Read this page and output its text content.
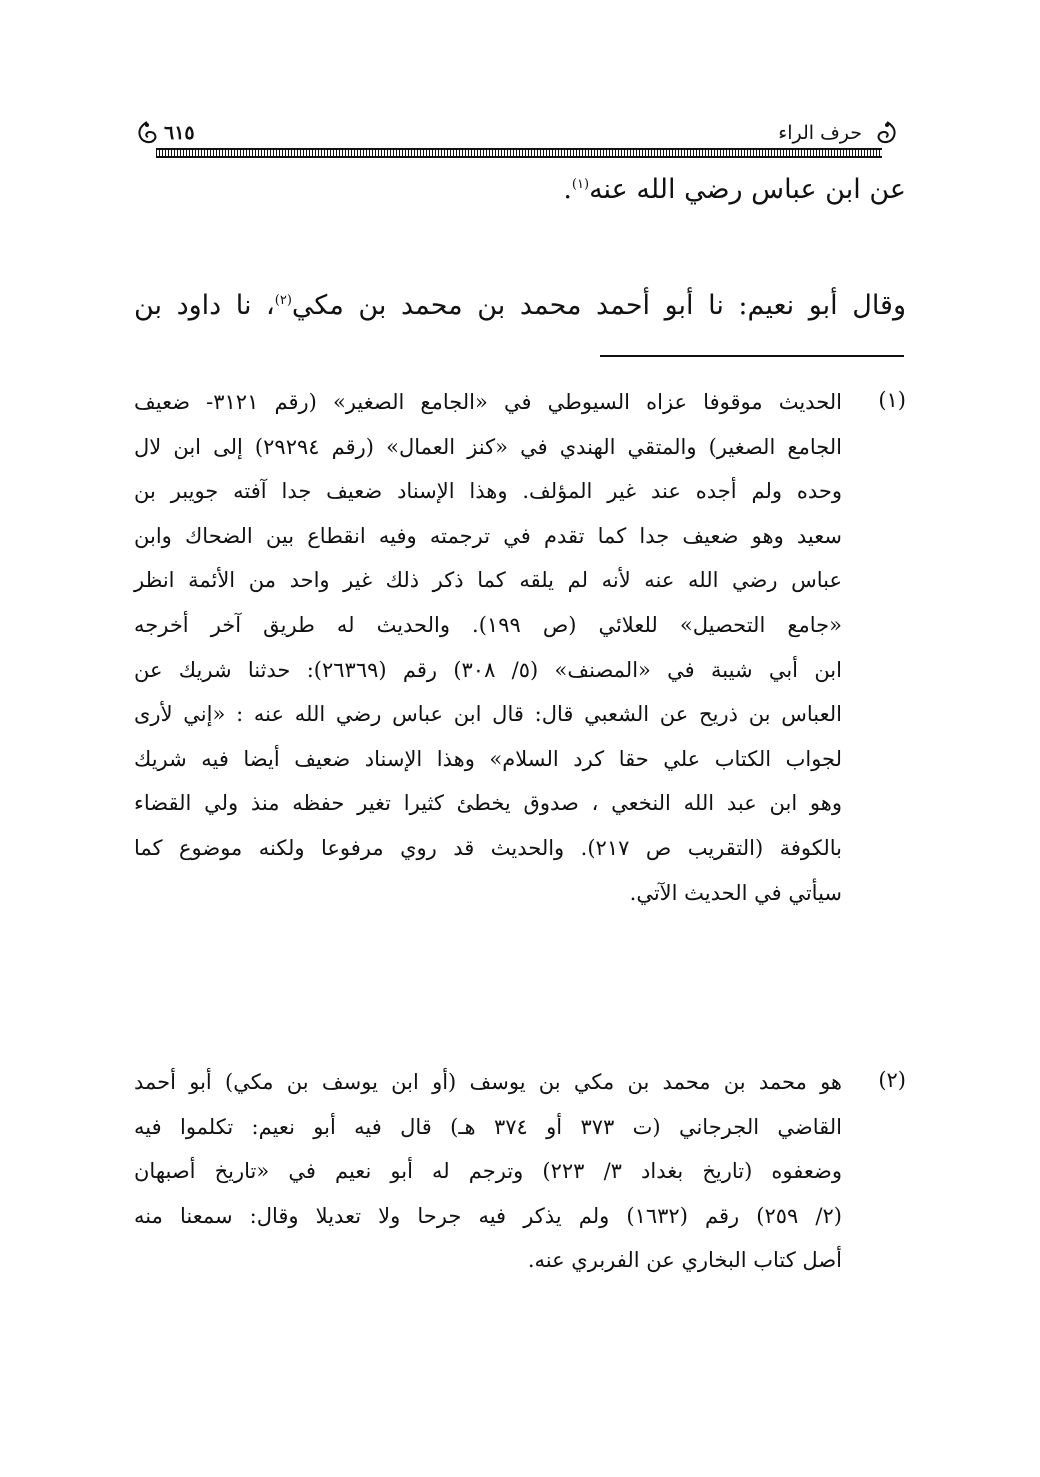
حرف الراء
٦١٥
عن ابن عباس رضي الله عنه$^{(١)}$.
وقال أبو نعيم: نا أبو أحمد محمد بن محمد بن مكي$^{(٢)}$، نا داود بن
(١)
الحديث موقوفا عزاه السيوطي في «الجامع الصغير» (رقم ٣١٢١- ضعيف
الجامع الصغير) والمتقي الهندي في «كنز العمال» (رقم ٢٩٢٩٤) إلى ابن لال
وحده ولم أجده عند غير المؤلف. وهذا الإسناد ضعيف جدا آفته جويبر بن
سعيد وهو ضعيف جدا كما تقدم في ترجمته وفيه انقطاع بين الضحاك وابن
عباس رضي الله عنه لأنه لم يلقه كما ذكر ذلك غير واحد من الأئمة انظر
«جامع التحصيل» للعلائي (ص ١٩٩). والحديث له طريق آخر أخرجه
ابن أبي شيبة في «المصنف» (٥/ ٣٠٨) رقم (٢٦٣٦٩): حدثنا شريك عن
العباس بن ذريح عن الشعبي قال: قال ابن عباس رضي الله عنه : «إني لأرى
لجواب الكتاب علي حقا كرد السلام» وهذا الإسناد ضعيف أيضا فيه شريك
وهو ابن عبد الله النخعي ، صدوق يخطئ كثيرا تغير حفظه منذ ولي القضاء
بالكوفة (التقريب ص ٢١٧). والحديث قد روي مرفوعا ولكنه موضوع كما
سيأتي في الحديث الآتي.
(٢)
هو محمد بن محمد بن مكي بن يوسف (أو ابن يوسف بن مكي) أبو أحمد
القاضي الجرجاني (ت ٣٧٣ أو ٣٧٤ هـ) قال فيه أبو نعيم: تكلموا فيه
وضعفوه (تاريخ بغداد ٣/ ٢٢٣) وترجم له أبو نعيم في «تاريخ أصبهان
(٢/ ٢٥٩) رقم (١٦٣٢) ولم يذكر فيه جرحا ولا تعديلا وقال: سمعنا منه
أصل كتاب البخاري عن الفربري عنه.
